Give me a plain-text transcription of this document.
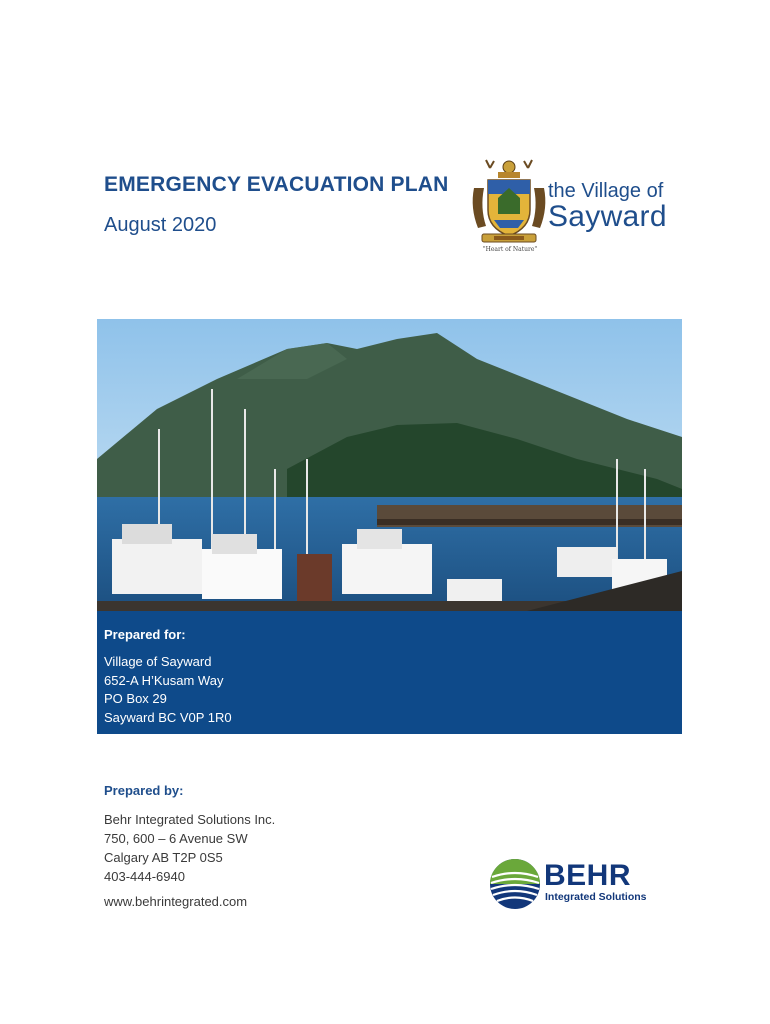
EMERGENCY EVACUATION PLAN
August 2020
"Heart of Nature"
the Village of
Sayward
Prepared for:
Village of Sayward
652-A H’Kusam Way
PO Box 29
Sayward BC V0P 1R0
Prepared by:
Behr Integrated Solutions Inc.
750, 600 – 6 Avenue SW
Calgary AB T2P 0S5
403-444-6940
www.behrintegrated.com
BEHR
Integrated Solutions
